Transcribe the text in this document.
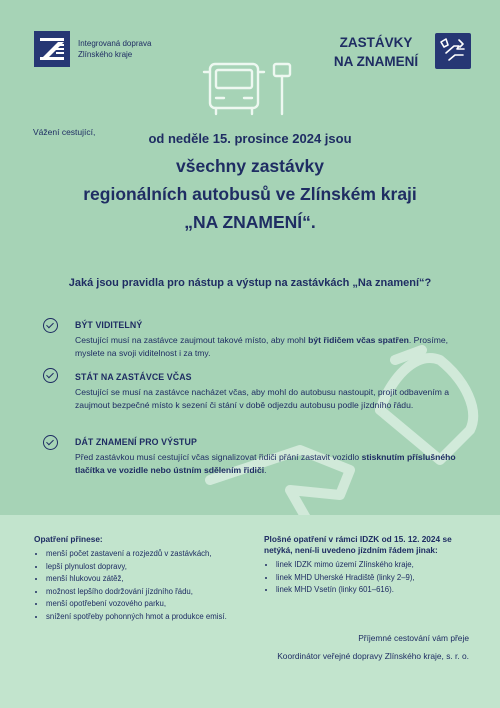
Integrovaná doprava
Zlínského kraje
ZASTÁVKY
NA ZNAMENÍ
Vážení cestující,	od neděle 15. prosince 2024 jsou
všechny zastávky
regionálních autobusů ve Zlínském kraji
„NA ZNAMENÍ“.
Jaká jsou pravidla pro nástup a výstup na zastávkách „Na znamení“?
BÝT VIDITELNÝ

Cestující musí na zastávce zaujmout takové místo, aby mohl být řidičem včas spatřen. Prosíme, myslete na svoji viditelnost i za tmy.

STÁT NA ZASTÁVCE VČAS

Cestující se musí na zastávce nacházet včas, aby mohl do autobusu nastoupit, projít odbavením a zaujmout bezpečné místo k sezení či stání v době odjezdu autobusu podle jízdního řádu.

DÁT ZNAMENÍ PRO VÝSTUP

Před zastávkou musí cestující včas signalizovat řidiči přání zastavit vozidlo stisknutím příslušného tlačítka ve vozidle nebo ústním sdělením řidiči.

Opatření přinese:
• menší počet zastavení a rozjezdů v zastávkách,
• lepší plynulost dopravy,
• menší hlukovou zátěž,
• možnost lepšího dodržování jízdního řádu,
• menší opotřebení vozového parku,
• snížení spotřeby pohonných hmot a produkce emisí.
Plošné opatření v rámci IDZK od 15. 12. 2024 se
netýká, není-li uvedeno jízdním řádem jinak:
• linek IDZK mimo území Zlínského kraje,
• linek MHD Uherské Hradiště (linky 2–9),
• linek MHD Vsetín (linky 601–616).
Příjemné cestování vám přeje
Koordinátor veřejné dopravy Zlínského kraje, s. r. o.
